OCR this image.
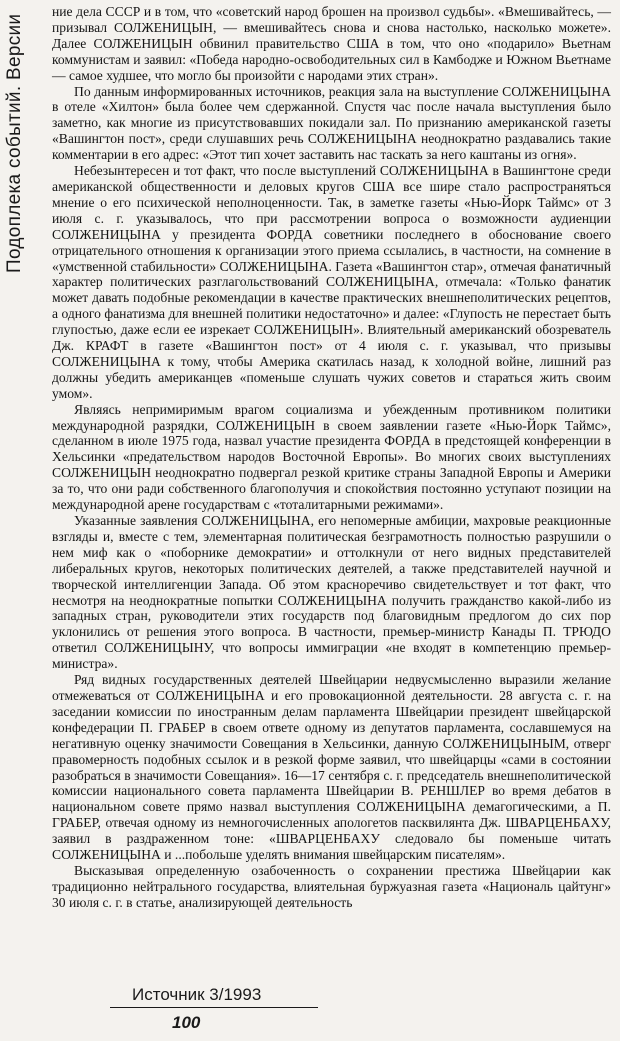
Подоплека событий. Версии

ние дела СССР и в том, что «советский народ брошен на произвол судьбы». «Вмешивайтесь, — призывал СОЛЖЕНИЦЫН, — вмешивайтесь снова и снова настолько, насколько можете». Далее СОЛЖЕНИЦЫН обвинил правительство США в том, что оно «подарило» Вьетнам коммунистам и заявил: «Победа народно-освободительных сил в Камбодже и Южном Вьетнаме — самое худшее, что могло бы произойти с народами этих стран».

По данным информированных источников, реакция зала на выступление СОЛЖЕНИЦЫНА в отеле «Хилтон» была более чем сдержанной. Спустя час после начала выступления было заметно, как многие из присутствовавших покидали зал. По признанию американской газеты «Вашингтон пост», среди слушавших речь СОЛЖЕНИЦЫНА неоднократно раздавались такие комментарии в его адрес: «Этот тип хочет заставить нас таскать за него каштаны из огня».

Небезынтересен и тот факт, что после выступлений СОЛЖЕНИЦЫНА в Вашингтоне среди американской общественности и деловых кругов США все шире стало распространяться мнение о его психической неполноценности. Так, в заметке газеты «Нью-Йорк Таймс» от 3 июля с. г. указывалось, что при рассмотрении вопроса о возможности аудиенции СОЛЖЕНИЦЫНА у президента ФОРДА советники последнего в обоснование своего отрицательного отношения к организации этого приема ссылались, в частности, на сомнение в «умственной стабильности» СОЛЖЕНИЦЫНА. Газета «Вашингтон стар», отмечая фанатичный характер политических разглагольствований СОЛЖЕНИЦЫНА, отмечала: «Только фанатик может давать подобные рекомендации в качестве практических внешнеполитических рецептов, а одного фанатизма для внешней политики недостаточно» и далее: «Глупость не перестает быть глупостью, даже если ее изрекает СОЛЖЕНИЦЫН». Влиятельный американский обозреватель Дж. КРАФТ в газете «Вашингтон пост» от 4 июля с. г. указывал, что призывы СОЛЖЕНИЦЫНА к тому, чтобы Америка скатилась назад, к холодной войне, лишний раз должны убедить американцев «поменьше слушать чужих советов и стараться жить своим умом».

Являясь непримиримым врагом социализма и убежденным противником политики международной разрядки, СОЛЖЕНИЦЫН в своем заявлении газете «Нью-Йорк Таймс», сделанном в июле 1975 года, назвал участие президента ФОРДА в предстоящей конференции в Хельсинки «предательством народов Восточной Европы». Во многих своих выступлениях СОЛЖЕНИЦЫН неоднократно подвергал резкой критике страны Западной Европы и Америки за то, что они ради собственного благополучия и спокойствия постоянно уступают позиции на международной арене государствам с «тоталитарными режимами».

Указанные заявления СОЛЖЕНИЦЫНА, его непомерные амбиции, махровые реакционные взгляды и, вместе с тем, элементарная политическая безграмотность полностью разрушили о нем миф как о «поборнике демократии» и оттолкнули от него видных представителей либеральных кругов, некоторых политических деятелей, а также представителей научной и творческой интеллигенции Запада. Об этом красноречиво свидетельствует и тот факт, что несмотря на неоднократные попытки СОЛЖЕНИЦЫНА получить гражданство какой-либо из западных стран, руководители этих государств под благовидным предлогом до сих пор уклонились от решения этого вопроса. В частности, премьер-министр Канады П. ТРЮДО ответил СОЛЖЕНИЦЫНУ, что вопросы иммиграции «не входят в компетенцию премьер-министра».

Ряд видных государственных деятелей Швейцарии недвусмысленно выразили желание отмежеваться от СОЛЖЕНИЦЫНА и его провокационной деятельности. 28 августа с. г. на заседании комиссии по иностранным делам парламента Швейцарии президент швейцарской конфедерации П. ГРАБЕР в своем ответе одному из депутатов парламента, сославшемуся на негативную оценку значимости Совещания в Хельсинки, данную СОЛЖЕНИЦЫНЫМ, отверг правомерность подобных ссылок и в резкой форме заявил, что швейцарцы «сами в состоянии разобраться в значимости Совещания». 16—17 сентября с. г. председатель внешнеполитической комиссии национального совета парламента Швейцарии В. РЕНШЛЕР во время дебатов в национальном совете прямо назвал выступления СОЛЖЕНИЦЫНА демагогическими, а П. ГРАБЕР, отвечая одному из немногочисленных апологетов пасквилянта Дж. ШВАРЦЕНБАХУ, заявил в раздраженном тоне: «ШВАРЦЕНБАХУ следовало бы поменьше читать СОЛЖЕНИЦЫНА и ...побольше уделять внимания швейцарским писателям».

Высказывая определенную озабоченность о сохранении престижа Швейцарии как традиционно нейтрального государства, влиятельная буржуазная газета «Националь цайтунг» 30 июля с. г. в статье, анализирующей деятельность

Источник 3/1993
100
